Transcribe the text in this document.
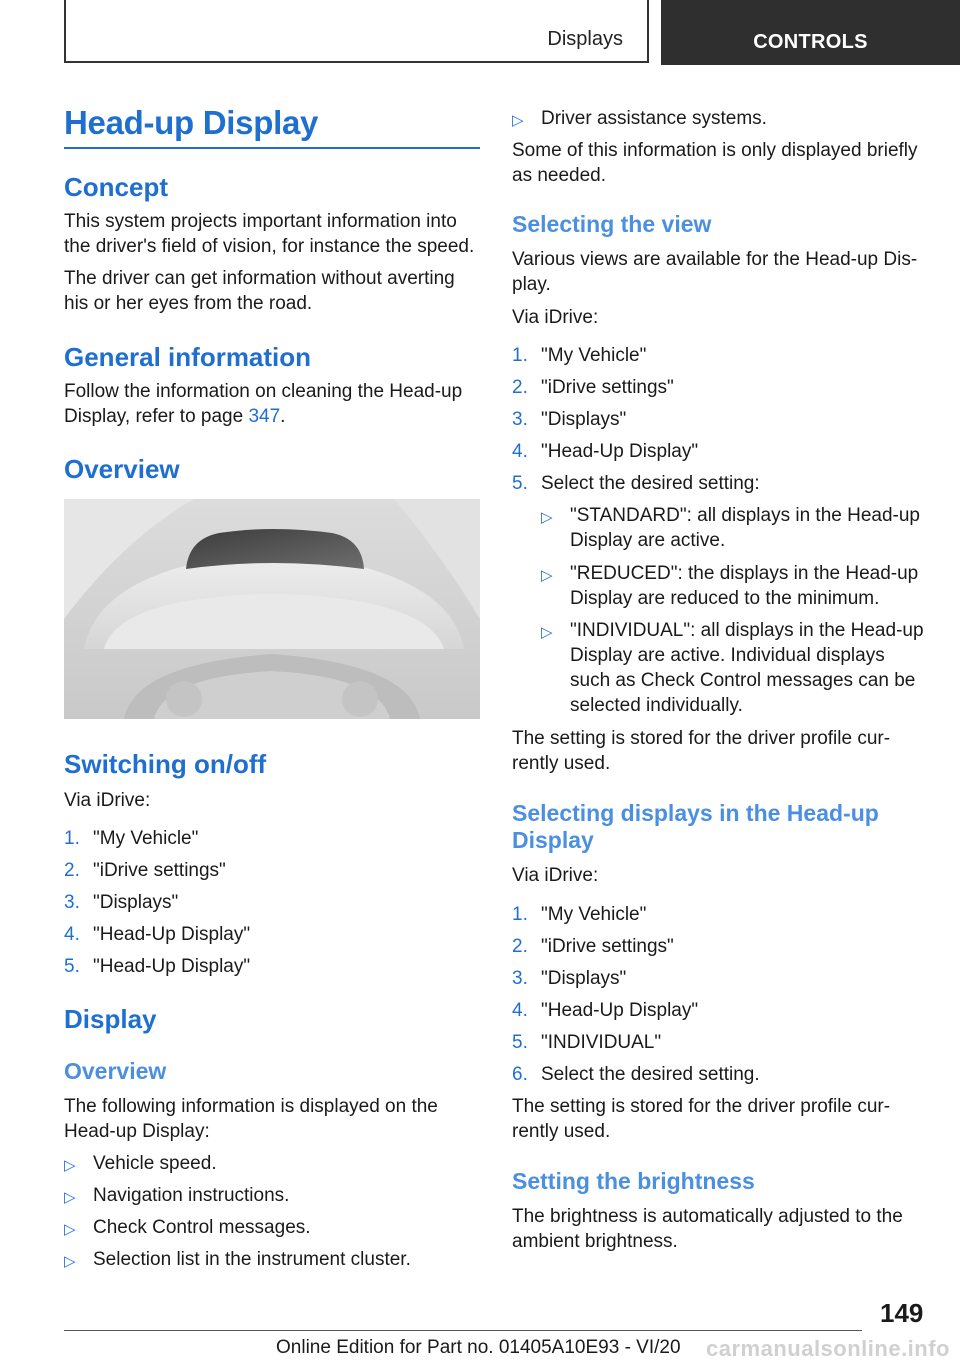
Displays	CONTROLS
Head-up Display
Concept
This system projects important information into
the driver's field of vision, for instance the speed.
The driver can get information without averting
his or her eyes from the road.
General information
Follow the information on cleaning the Head-up
Display, refer to page 347.
Overview
Switching on/off
Via iDrive:
1. "My Vehicle"
2. "iDrive settings"
3. "Displays"
4. "Head-Up Display"
5. "Head-Up Display"
Display
Overview
The following information is displayed on the
Head-up Display:
▷ Vehicle speed.
▷ Navigation instructions.
▷ Check Control messages.
▷ Selection list in the instrument cluster.
▷ Driver assistance systems.
Some of this information is only displayed briefly
as needed.
Selecting the view
Various views are available for the Head-up Dis-
play.
Via iDrive:
1. "My Vehicle"
2. "iDrive settings"
3. "Displays"
4. "Head-Up Display"
5. Select the desired setting:
▷ "STANDARD": all displays in the Head-up
Display are active.
▷ "REDUCED": the displays in the Head-up
Display are reduced to the minimum.
▷ "INDIVIDUAL": all displays in the Head-up
Display are active. Individual displays
such as Check Control messages can be
selected individually.
The setting is stored for the driver profile cur-
rently used.
Selecting displays in the Head-up
Display
Via iDrive:
1. "My Vehicle"
2. "iDrive settings"
3. "Displays"
4. "Head-Up Display"
5. "INDIVIDUAL"
6. Select the desired setting.
The setting is stored for the driver profile cur-
rently used.
Setting the brightness
The brightness is automatically adjusted to the
ambient brightness.
149
Online Edition for Part no. 01405A10E93 - VI/20 carmanualsonline.info
